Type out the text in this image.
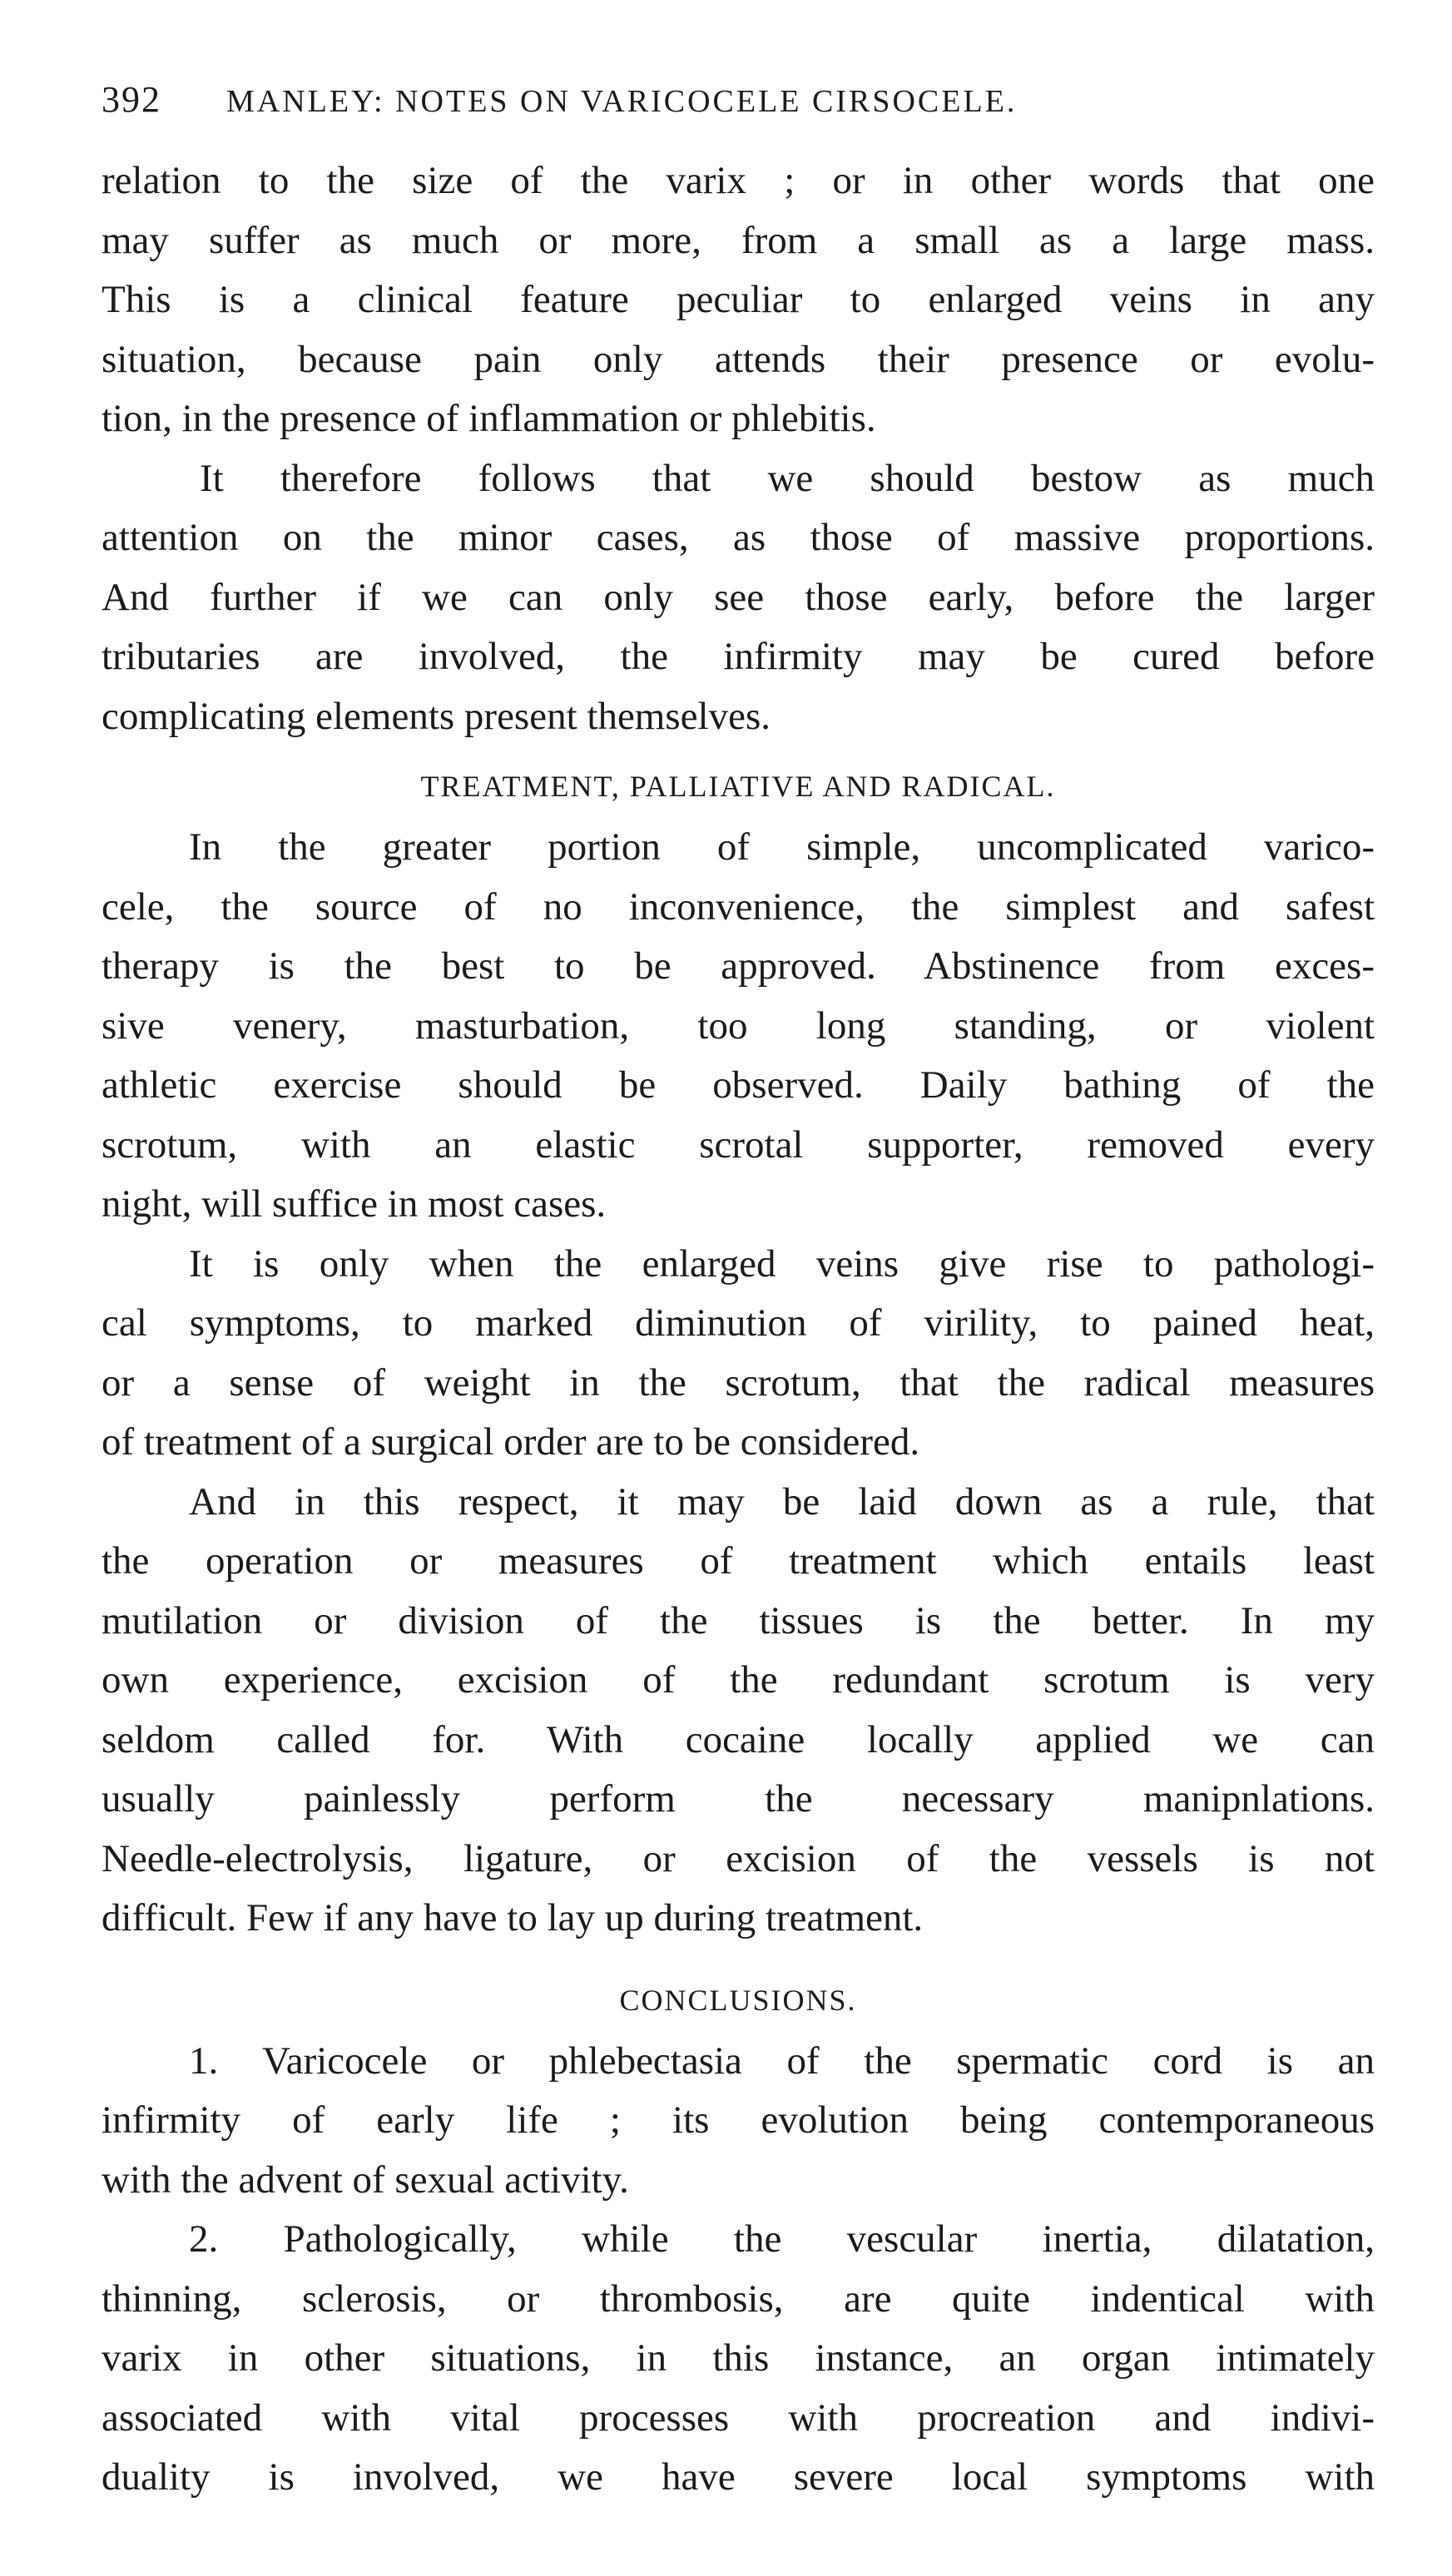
392 MANLEY: NOTES ON VARICOCELE CIRSOCELE.
relation to the size of the varix ; or in other words that one
may suffer as much or more, from a small as a large mass.
This is a clinical feature peculiar to enlarged veins in any
situation, because pain only attends their presence or evolu-
tion, in the presence of inflammation or phlebitis.
It therefore follows that we should bestow as much
attention on the minor cases, as those of massive proportions.
And further if we can only see those early, before the larger
tributaries are involved, the infirmity may be cured before
complicating elements present themselves.
TREATMENT, PALLIATIVE AND RADICAL.
In the greater portion of simple, uncomplicated varico-
cele, the source of no inconvenience, the simplest and safest
therapy is the best to be approved. Abstinence from exces-
sive venery, masturbation, too long standing, or violent
athletic exercise should be observed. Daily bathing of the
scrotum, with an elastic scrotal supporter, removed every
night, will suffice in most cases.
It is only when the enlarged veins give rise to pathologi-
cal symptoms, to marked diminution of virility, to pained heat,
or a sense of weight in the scrotum, that the radical measures
of treatment of a surgical order are to be considered.
And in this respect, it may be laid down as a rule, that
the operation or measures of treatment which entails least
mutilation or division of the tissues is the better. In my
own experience, excision of the redundant scrotum is very
seldom called for. With cocaine locally applied we can
usually painlessly perform the necessary manipnlations.
Needle-electrolysis, ligature, or excision of the vessels is not
difficult. Few if any have to lay up during treatment.
CONCLUSIONS.
1. Varicocele or phlebectasia of the spermatic cord is an
infirmity of early life ; its evolution being contemporaneous
with the advent of sexual activity.
2. Pathologically, while the vescular inertia, dilatation,
thinning, sclerosis, or thrombosis, are quite indentical with
varix in other situations, in this instance, an organ intimately
associated with vital processes with procreation and indivi-
duality is involved, we have severe local symptoms with
